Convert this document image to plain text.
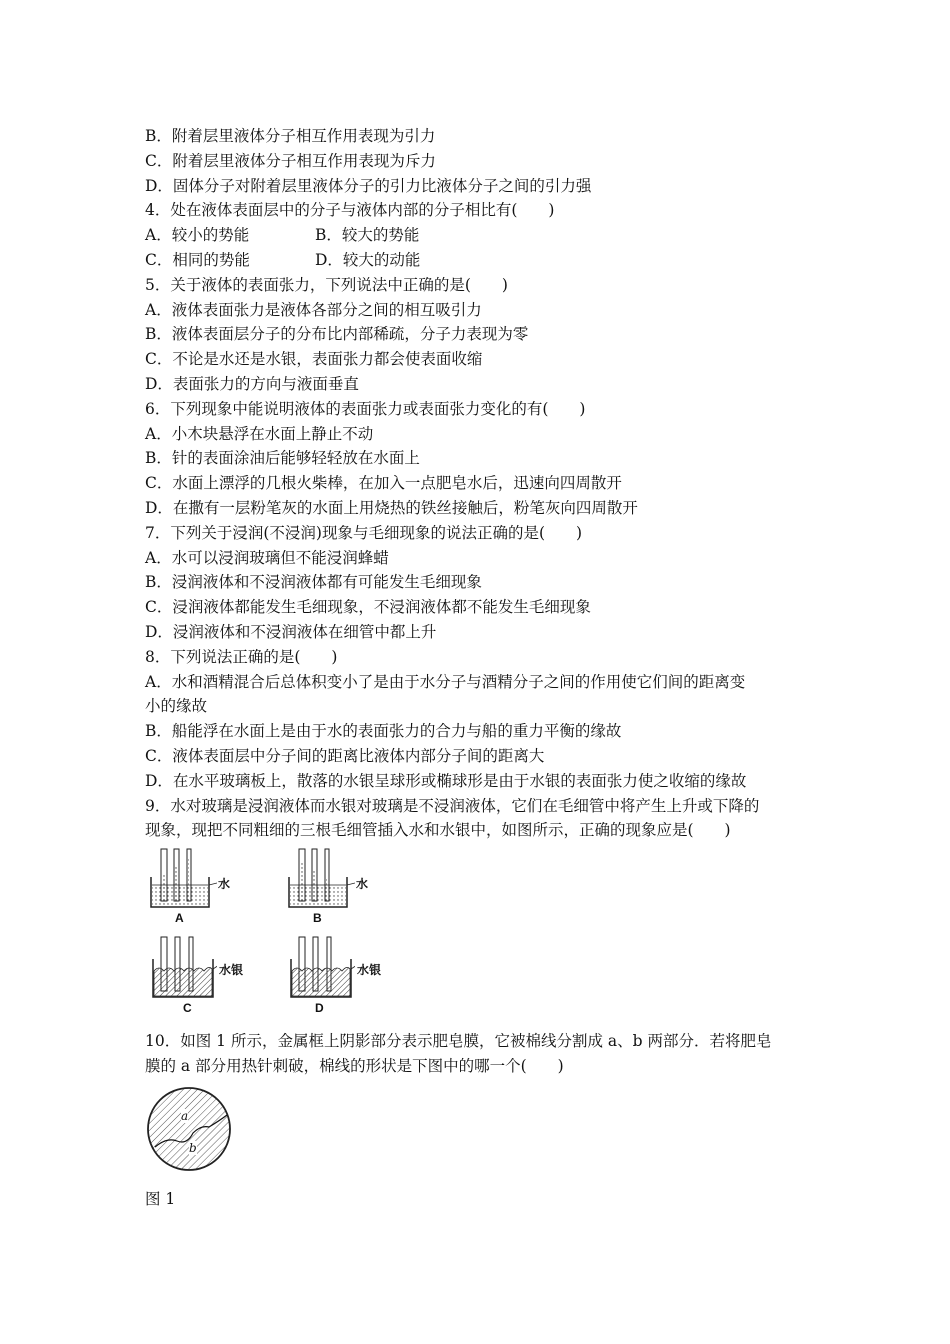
B．附着层里液体分子相互作用表现为引力
C．附着层里液体分子相互作用表现为斥力
D．固体分子对附着层里液体分子的引力比液体分子之间的引力强
4．处在液体表面层中的分子与液体内部的分子相比有(　　)
A．较小的势能	B．较大的势能
C．相同的势能	D．较大的动能
5．关于液体的表面张力，下列说法中正确的是(　　)
A．液体表面张力是液体各部分之间的相互吸引力
B．液体表面层分子的分布比内部稀疏，分子力表现为零
C．不论是水还是水银，表面张力都会使表面收缩
D．表面张力的方向与液面垂直
6．下列现象中能说明液体的表面张力或表面张力变化的有(　　)
A．小木块悬浮在水面上静止不动
B．针的表面涂油后能够轻轻放在水面上
C．水面上漂浮的几根火柴棒，在加入一点肥皂水后，迅速向四周散开
D．在撒有一层粉笔灰的水面上用烧热的铁丝接触后，粉笔灰向四周散开
7．下列关于浸润(不浸润)现象与毛细现象的说法正确的是(　　)
A．水可以浸润玻璃但不能浸润蜂蜡
B．浸润液体和不浸润液体都有可能发生毛细现象
C．浸润液体都能发生毛细现象，不浸润液体都不能发生毛细现象
D．浸润液体和不浸润液体在细管中都上升
8．下列说法正确的是(　　)
A．水和酒精混合后总体积变小了是由于水分子与酒精分子之间的作用使它们间的距离变
小的缘故
B．船能浮在水面上是由于水的表面张力的合力与船的重力平衡的缘故
C．液体表面层中分子间的距离比液体内部分子间的距离大
D．在水平玻璃板上，散落的水银呈球形或椭球形是由于水银的表面张力使之收缩的缘故
9．水对玻璃是浸润液体而水银对玻璃是不浸润液体，它们在毛细管中将产生上升或下降的
现象，现把不同粗细的三根毛细管插入水和水银中，如图所示，正确的现象应是(　　)
水
A
水
B
水银
C
水银
D
10．如图 1 所示，金属框上阴影部分表示肥皂膜，它被棉线分割成 a、b 两部分．若将肥皂
膜的 a 部分用热针刺破，棉线的形状是下图中的哪一个(　　)
a
b
图 1
